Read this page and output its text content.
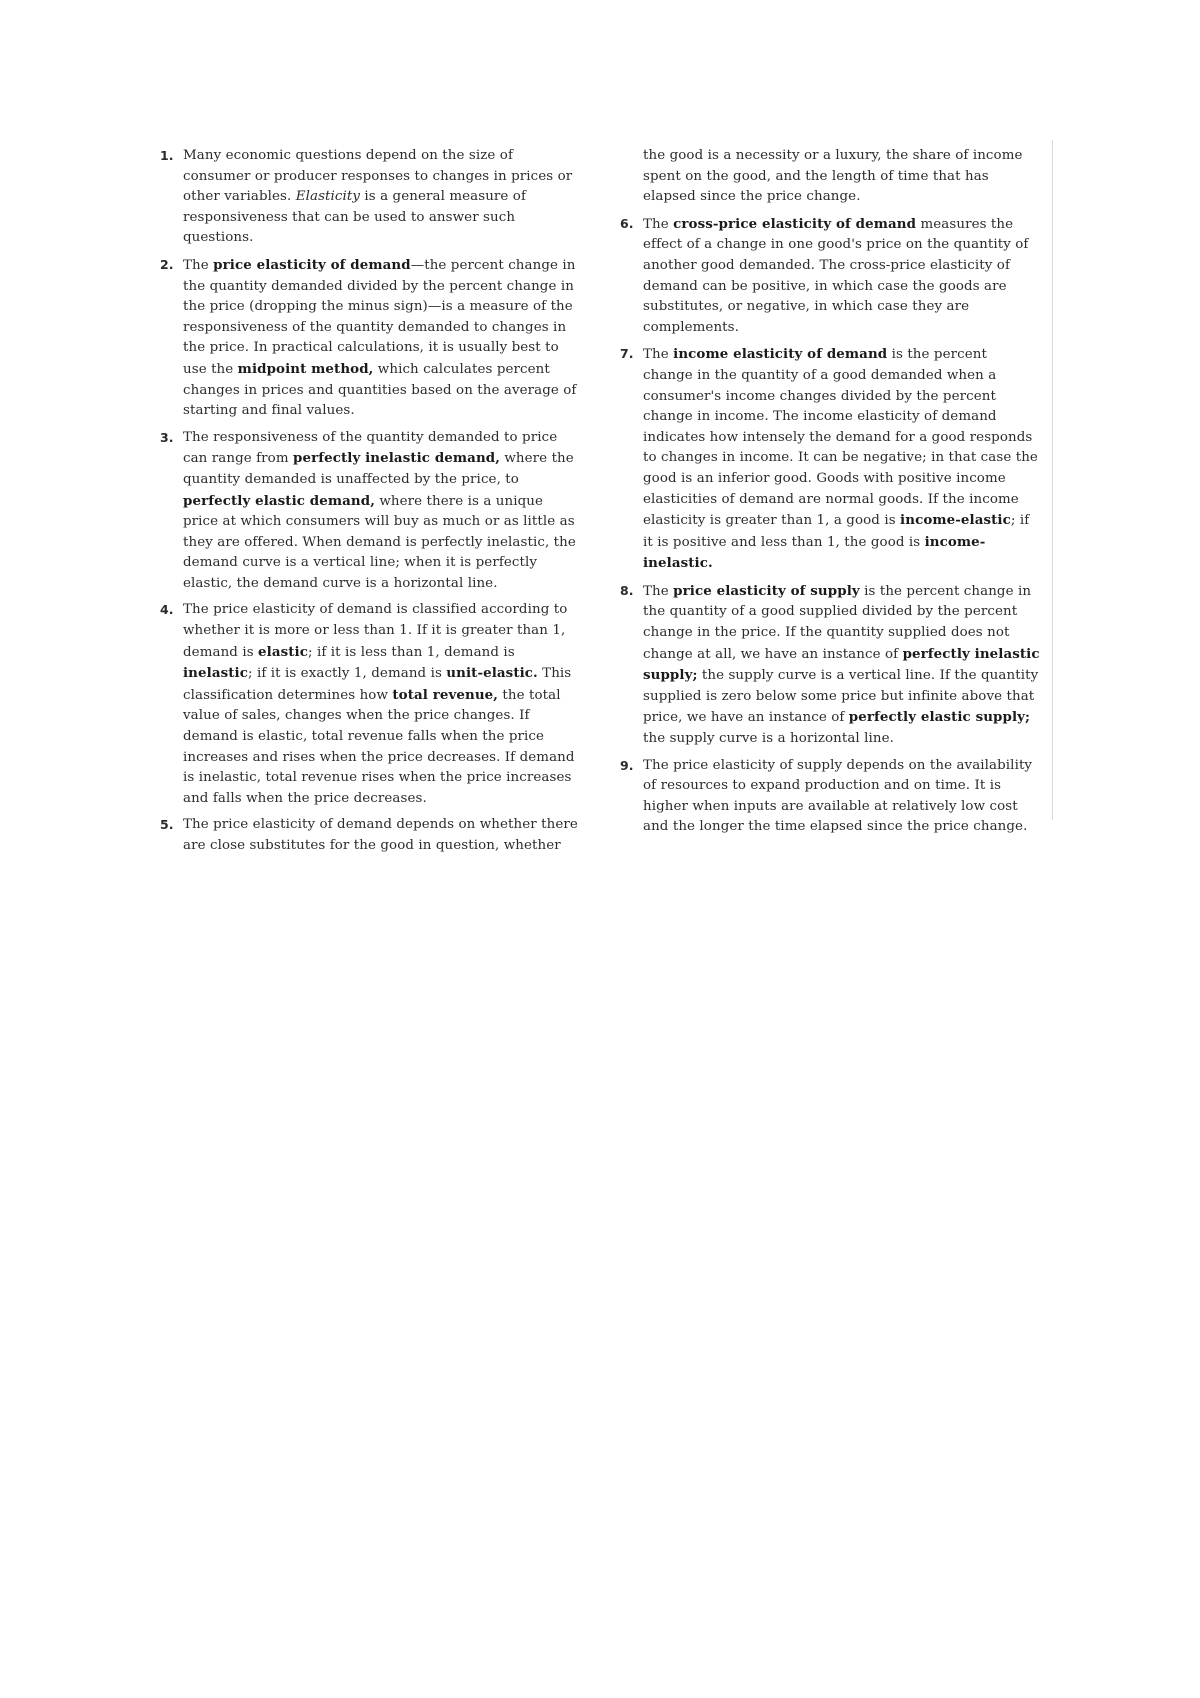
1. Many economic questions depend on the size of consumer or producer responses to changes in prices or other variables. Elasticity is a general measure of responsiveness that can be used to answer such questions.

2. The price elasticity of demand—the percent change in the quantity demanded divided by the percent change in the price (dropping the minus sign)—is a measure of the responsiveness of the quantity demanded to changes in the price. In practical calculations, it is usually best to use the midpoint method, which calculates percent changes in prices and quantities based on the average of starting and final values.

3. The responsiveness of the quantity demanded to price can range from perfectly inelastic demand, where the quantity demanded is unaffected by the price, to perfectly elastic demand, where there is a unique price at which consumers will buy as much or as little as they are offered. When demand is perfectly inelastic, the demand curve is a vertical line; when it is perfectly elastic, the demand curve is a horizontal line.

4. The price elasticity of demand is classified according to whether it is more or less than 1. If it is greater than 1, demand is elastic; if it is less than 1, demand is inelastic; if it is exactly 1, demand is unit-elastic. This classification determines how total revenue, the total value of sales, changes when the price changes. If demand is elastic, total revenue falls when the price increases and rises when the price decreases. If demand is inelastic, total revenue rises when the price increases and falls when the price decreases.

5. The price elasticity of demand depends on whether there are close substitutes for the good in question, whether

the good is a necessity or a luxury, the share of income spent on the good, and the length of time that has elapsed since the price change.

6. The cross-price elasticity of demand measures the effect of a change in one good's price on the quantity of another good demanded. The cross-price elasticity of demand can be positive, in which case the goods are substitutes, or negative, in which case they are complements.

7. The income elasticity of demand is the percent change in the quantity of a good demanded when a consumer's income changes divided by the percent change in income. The income elasticity of demand indicates how intensely the demand for a good responds to changes in income. It can be negative; in that case the good is an inferior good. Goods with positive income elasticities of demand are normal goods. If the income elasticity is greater than 1, a good is income-elastic; if it is positive and less than 1, the good is income-inelastic.

8. The price elasticity of supply is the percent change in the quantity of a good supplied divided by the percent change in the price. If the quantity supplied does not change at all, we have an instance of perfectly inelastic supply; the supply curve is a vertical line. If the quantity supplied is zero below some price but infinite above that price, we have an instance of perfectly elastic supply; the supply curve is a horizontal line.

9. The price elasticity of supply depends on the availability of resources to expand production and on time. It is higher when inputs are available at relatively low cost and the longer the time elapsed since the price change.
